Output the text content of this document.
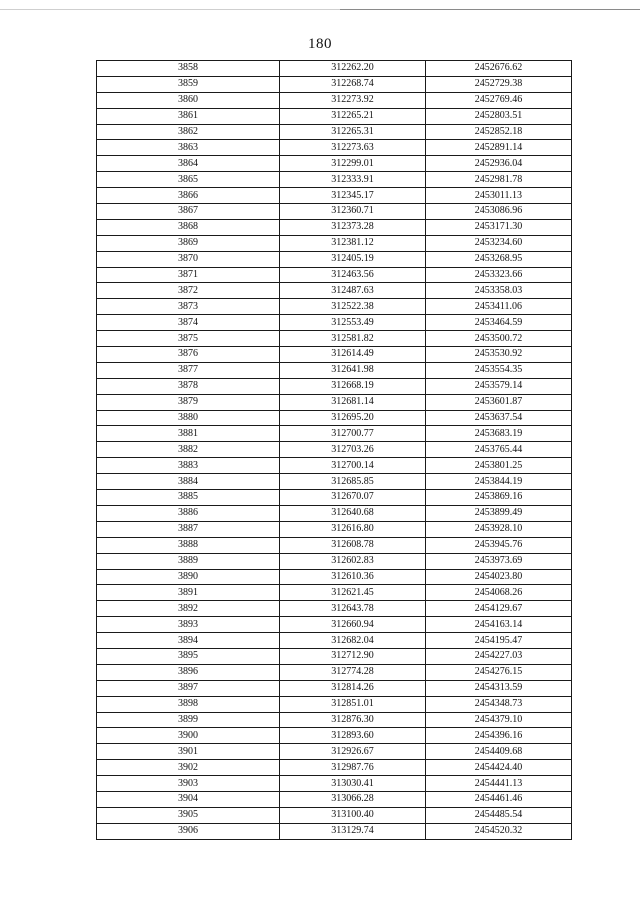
180
3858	312262.20	2452676.62
3859	312268.74	2452729.38
3860	312273.92	2452769.46
3861	312265.21	2452803.51
3862	312265.31	2452852.18
3863	312273.63	2452891.14
3864	312299.01	2452936.04
3865	312333.91	2452981.78
3866	312345.17	2453011.13
3867	312360.71	2453086.96
3868	312373.28	2453171.30
3869	312381.12	2453234.60
3870	312405.19	2453268.95
3871	312463.56	2453323.66
3872	312487.63	2453358.03
3873	312522.38	2453411.06
3874	312553.49	2453464.59
3875	312581.82	2453500.72
3876	312614.49	2453530.92
3877	312641.98	2453554.35
3878	312668.19	2453579.14
3879	312681.14	2453601.87
3880	312695.20	2453637.54
3881	312700.77	2453683.19
3882	312703.26	2453765.44
3883	312700.14	2453801.25
3884	312685.85	2453844.19
3885	312670.07	2453869.16
3886	312640.68	2453899.49
3887	312616.80	2453928.10
3888	312608.78	2453945.76
3889	312602.83	2453973.69
3890	312610.36	2454023.80
3891	312621.45	2454068.26
3892	312643.78	2454129.67
3893	312660.94	2454163.14
3894	312682.04	2454195.47
3895	312712.90	2454227.03
3896	312774.28	2454276.15
3897	312814.26	2454313.59
3898	312851.01	2454348.73
3899	312876.30	2454379.10
3900	312893.60	2454396.16
3901	312926.67	2454409.68
3902	312987.76	2454424.40
3903	313030.41	2454441.13
3904	313066.28	2454461.46
3905	313100.40	2454485.54
3906	313129.74	2454520.32
